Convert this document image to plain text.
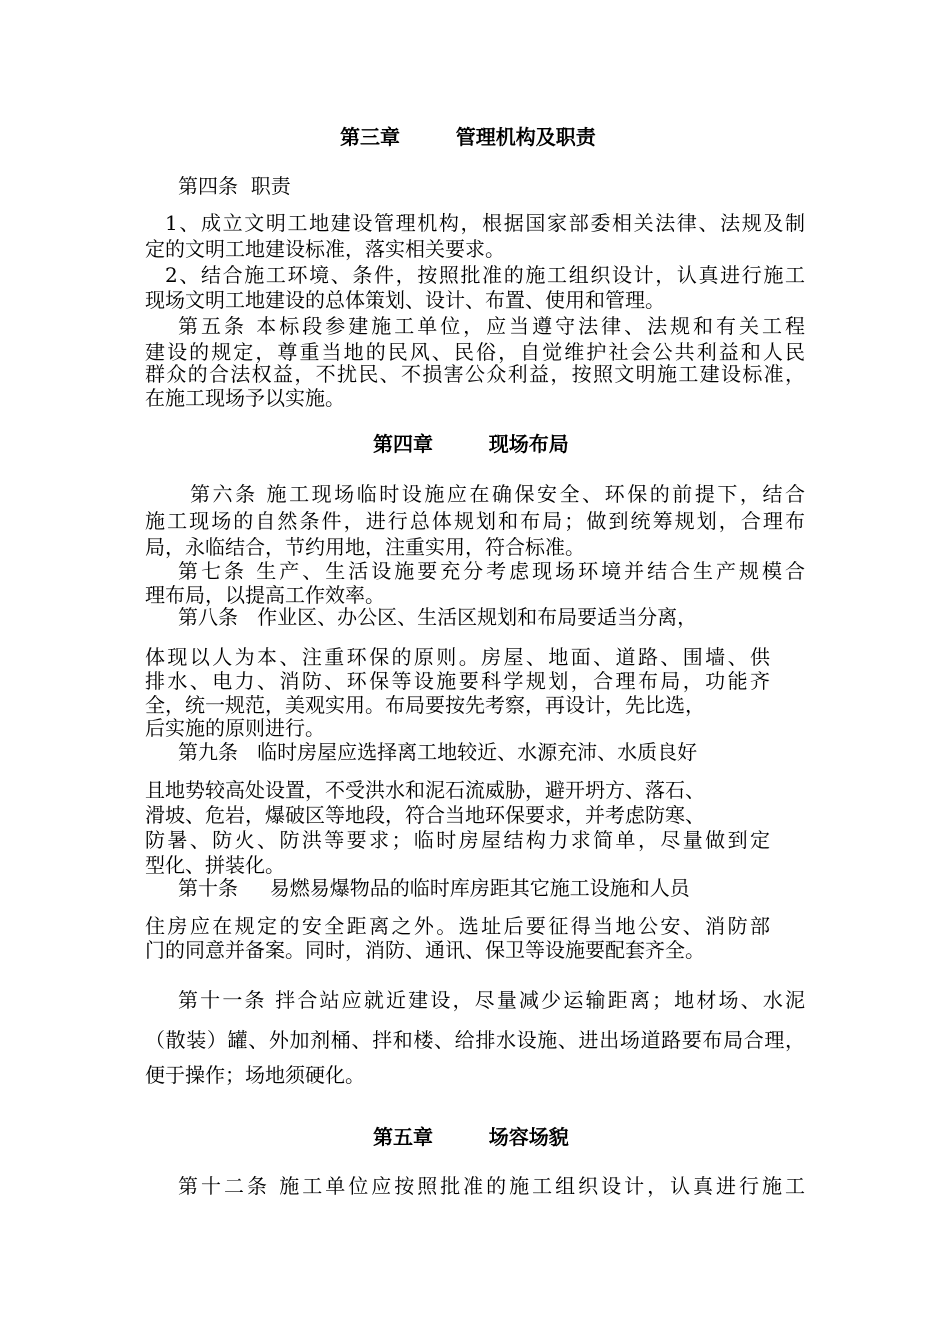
第三章        管理机构及职责

第四条  职责

1、成立文明工地建设管理机构，根据国家部委相关法律、法规及制

定的文明工地建设标准，落实相关要求。

2、结合施工环境、条件，按照批准的施工组织设计，认真进行施工

现场文明工地建设的总体策划、设计、布置、使用和管理。

第五条 本标段参建施工单位，应当遵守法律、法规和有关工程

建设的规定，尊重当地的民风、民俗，自觉维护社会公共利益和人民

群众的合法权益，不扰民、不损害公众利益，按照文明施工建设标准，

在施工现场予以实施。

第四章        现场布局

第六条 施工现场临时设施应在确保安全、环保的前提下，结合

施工现场的自然条件，进行总体规划和布局；做到统筹规划，合理布

局，永临结合，节约用地，注重实用，符合标准。

第七条 生产、生活设施要充分考虑现场环境并结合生产规模合

理布局，以提高工作效率。

第八条   作业区、办公区、生活区规划和布局要适当分离，

体现以人为本、注重环保的原则。房屋、地面、道路、围墙、供

排水、电力、消防、环保等设施要科学规划，合理布局，功能齐

全，统一规范，美观实用。布局要按先考察，再设计，先比选，

后实施的原则进行。

第九条   临时房屋应选择离工地较近、水源充沛、水质良好

且地势较高处设置，不受洪水和泥石流威胁，避开坍方、落石、

滑坡、危岩，爆破区等地段，符合当地环保要求，并考虑防寒、

防暑、防火、防洪等要求；临时房屋结构力求简单，尽量做到定

型化、拼装化。

第十条     易燃易爆物品的临时库房距其它施工设施和人员

住房应在规定的安全距离之外。选址后要征得当地公安、消防部

门的同意并备案。同时，消防、通讯、保卫等设施要配套齐全。

第十一条 拌合站应就近建设，尽量减少运输距离；地材场、水泥

（散装）罐、外加剂桶、拌和楼、给排水设施、进出场道路要布局合理，

便于操作；场地须硬化。

第五章        场容场貌

第十二条 施工单位应按照批准的施工组织设计，认真进行施工
